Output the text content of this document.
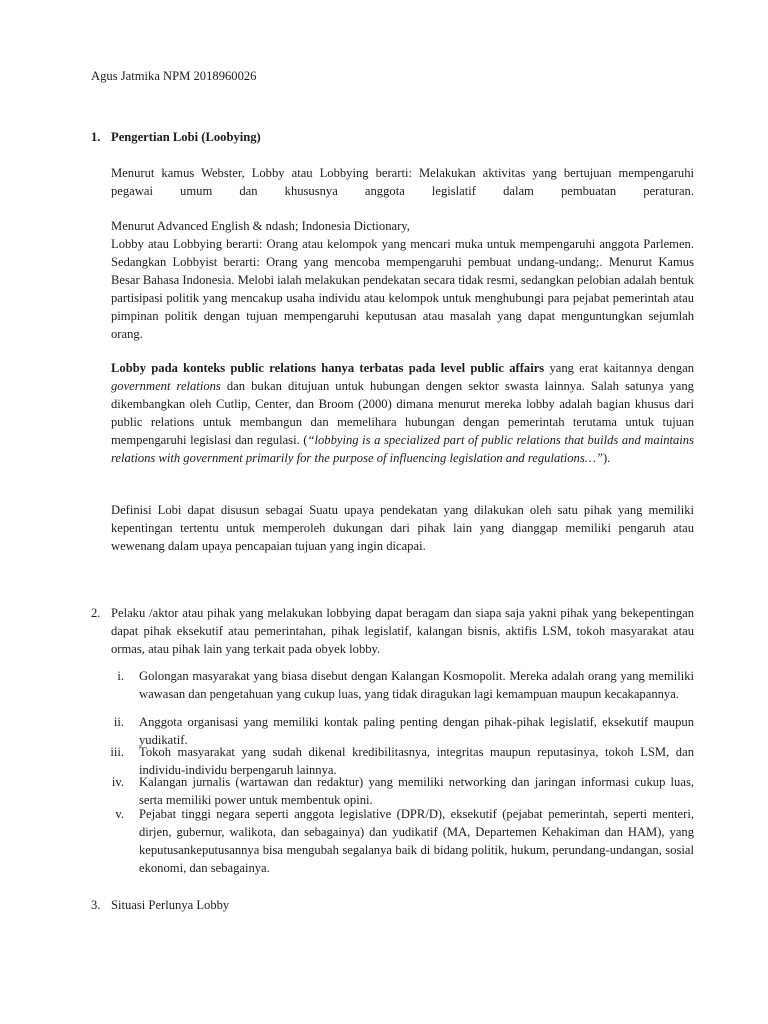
Agus Jatmika NPM 2018960026
1. Pengertian Lobi (Loobying)
Menurut kamus Webster, Lobby atau Lobbying berarti: Melakukan aktivitas yang bertujuan mempengaruhi pegawai umum dan khususnya anggota legislatif dalam pembuatan peraturan.
Menurut Advanced English & ndash; Indonesia Dictionary,
Lobby atau Lobbying berarti: Orang atau kelompok yang mencari muka untuk mempengaruhi anggota Parlemen. Sedangkan Lobbyist berarti: Orang yang mencoba mempengaruhi pembuat undang-undang;. Menurut Kamus Besar Bahasa Indonesia. Melobi ialah melakukan pendekatan secara tidak resmi, sedangkan pelobian adalah bentuk partisipasi politik yang mencakup usaha individu atau kelompok untuk menghubungi para pejabat pemerintah atau pimpinan politik dengan tujuan mempengaruhi keputusan atau masalah yang dapat menguntungkan sejumlah orang.
Lobby pada konteks public relations hanya terbatas pada level public affairs yang erat kaitannya dengan government relations dan bukan ditujuan untuk hubungan dengen sektor swasta lainnya. Salah satunya yang dikembangkan oleh Cutlip, Center, dan Broom (2000) dimana menurut mereka lobby adalah bagian khusus dari public relations untuk membangun dan memelihara hubungan dengan pemerintah terutama untuk tujuan mempengaruhi legislasi dan regulasi. (“lobbying is a specialized part of public relations that builds and maintains relations with government primarily for the purpose of influencing legislation and regulations…”).
Definisi Lobi dapat disusun sebagai Suatu upaya pendekatan yang dilakukan oleh satu pihak yang memiliki kepentingan tertentu untuk memperoleh dukungan dari pihak lain yang dianggap memiliki pengaruh atau wewenang dalam upaya pencapaian tujuan yang ingin dicapai.
2. Pelaku /aktor atau pihak yang melakukan lobbying dapat beragam dan siapa saja yakni pihak yang bekepentingan dapat pihak eksekutif atau pemerintahan, pihak legislatif, kalangan bisnis, aktifis LSM, tokoh masyarakat atau ormas, atau pihak lain yang terkait pada obyek lobby.
i. Golongan masyarakat yang biasa disebut dengan Kalangan Kosmopolit. Mereka adalah orang yang memiliki wawasan dan pengetahuan yang cukup luas, yang tidak diragukan lagi kemampuan maupun kecakapannya.
ii. Anggota organisasi yang memiliki kontak paling penting dengan pihak-pihak legislatif, eksekutif maupun yudikatif.
iii. Tokoh masyarakat yang sudah dikenal kredibilitasnya, integritas maupun reputasinya, tokoh LSM, dan individu-individu berpengaruh lainnya.
iv. Kalangan jurnalis (wartawan dan redaktur) yang memiliki networking dan jaringan informasi cukup luas, serta memiliki power untuk membentuk opini.
v. Pejabat tinggi negara seperti anggota legislative (DPR/D), eksekutif (pejabat pemerintah, seperti menteri, dirjen, gubernur, walikota, dan sebagainya) dan yudikatif (MA, Departemen Kehakiman dan HAM), yang keputusankeputusannya bisa mengubah segalanya baik di bidang politik, hukum, perundang-undangan, sosial ekonomi, dan sebagainya.
3. Situasi Perlunya Lobby
